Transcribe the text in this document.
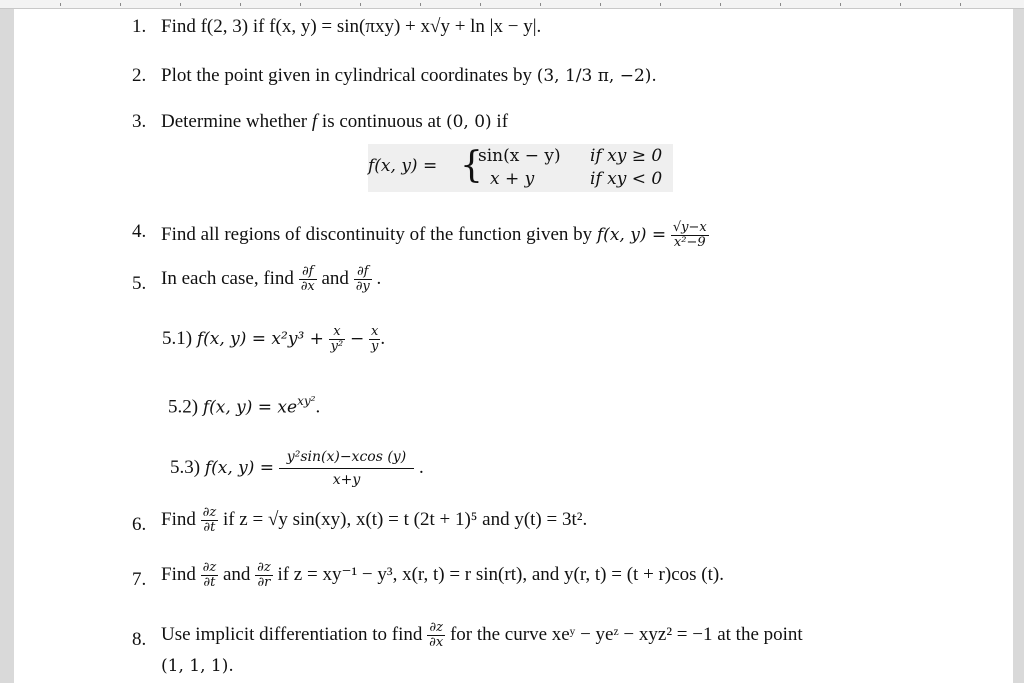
1. Find f(2, 3) if f(x, y) = sin(πxy) + x√y + ln |x − y|.
2. Plot the point given in cylindrical coordinates by (3, 1/3 π, −2).
3. Determine whether f is continuous at (0, 0) if
f(x, y) = {
sin(x − y) if xy ≥ 0
x + y	if xy < 0
4. Find all regions of discontinuity of the function given by f(x, $y) = \frac{√y-x}{\text{x²−9}}$
5. In each case, find $\frac{\partial f}{\partial x}$ and $\frac{\partial f}{\partial y}$ .
5.1) f(x, $y) = x^2y^3 + \frac{x}{\text{y²}} - \frac{x}{y}$ .
5.2) f(x, $y) = xe^{xy^2}$.
5.3) f(x, $y) = \frac{\text{y²sin(x)−xcos (y)}}{x+y}$ .
6. Find $\frac{\partial z}{\partial t}$ if z = √y sin(xy), x(t) = t (2t + 1)⁵ and y(t) = 3t².
7. Find $\frac{\partial z}{\partial t}$ and $\frac{\partial z}{\partial r}$ if z = xy⁻¹ − y³, x(r, t) = r sin(rt), and y(r, t) = (t + r)cos (t).
8. Use implicit differentiation to find $\frac{\partial z}{\partial x}$ for the curve xeʸ − yeᶻ − xyz² = −1 at the point
(1, 1, 1).
